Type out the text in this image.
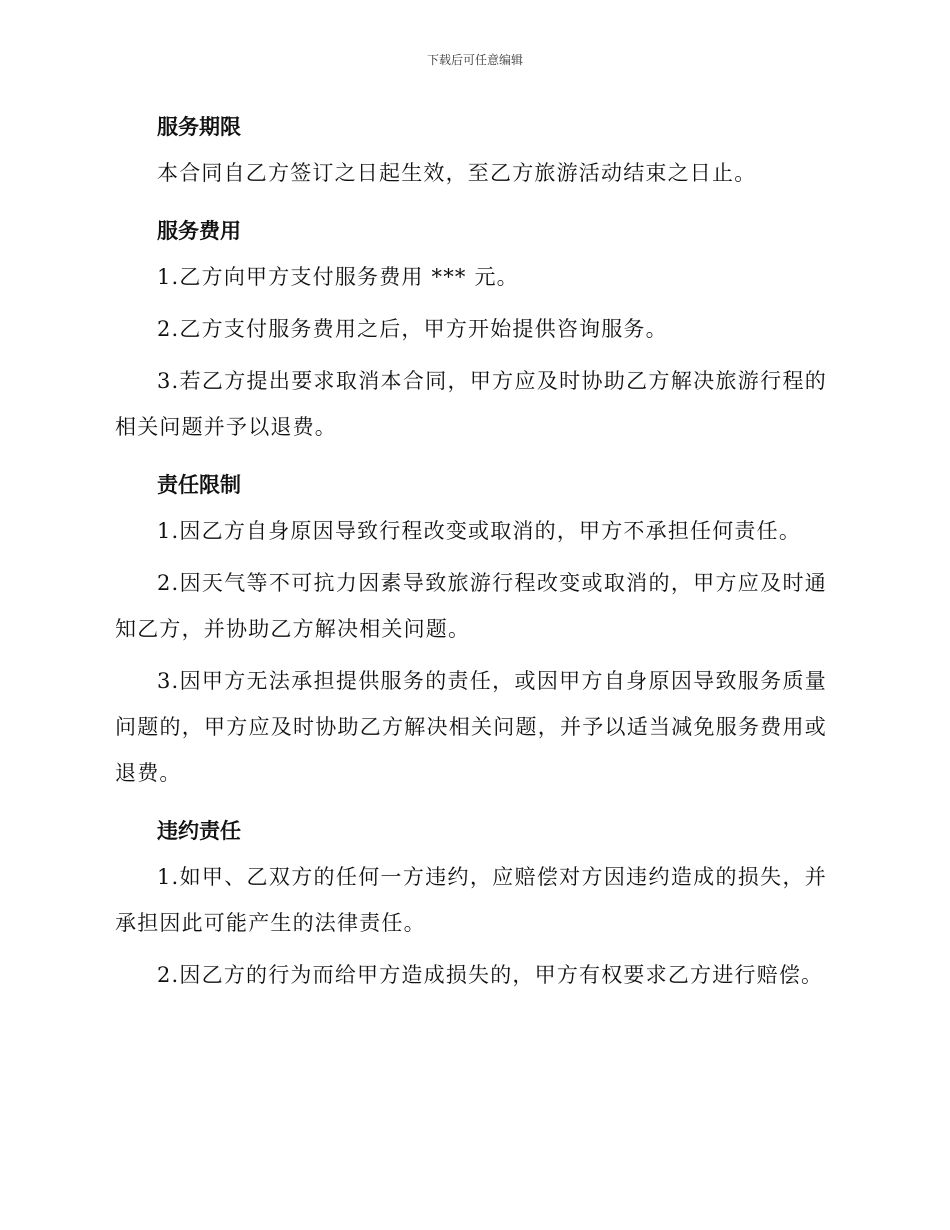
下载后可任意编辑

服务期限

本合同自乙方签订之日起生效，至乙方旅游活动结束之日止。

服务费用

1.乙方向甲方支付服务费用 *** 元。

2.乙方支付服务费用之后，甲方开始提供咨询服务。

3.若乙方提出要求取消本合同，甲方应及时协助乙方解决旅游行程的相关问题并予以退费。

责任限制

1.因乙方自身原因导致行程改变或取消的，甲方不承担任何责任。

2.因天气等不可抗力因素导致旅游行程改变或取消的，甲方应及时通知乙方，并协助乙方解决相关问题。

3.因甲方无法承担提供服务的责任，或因甲方自身原因导致服务质量问题的，甲方应及时协助乙方解决相关问题，并予以适当减免服务费用或退费。

违约责任

1.如甲、乙双方的任何一方违约，应赔偿对方因违约造成的损失，并承担因此可能产生的法律责任。

2.因乙方的行为而给甲方造成损失的，甲方有权要求乙方进行赔偿。
